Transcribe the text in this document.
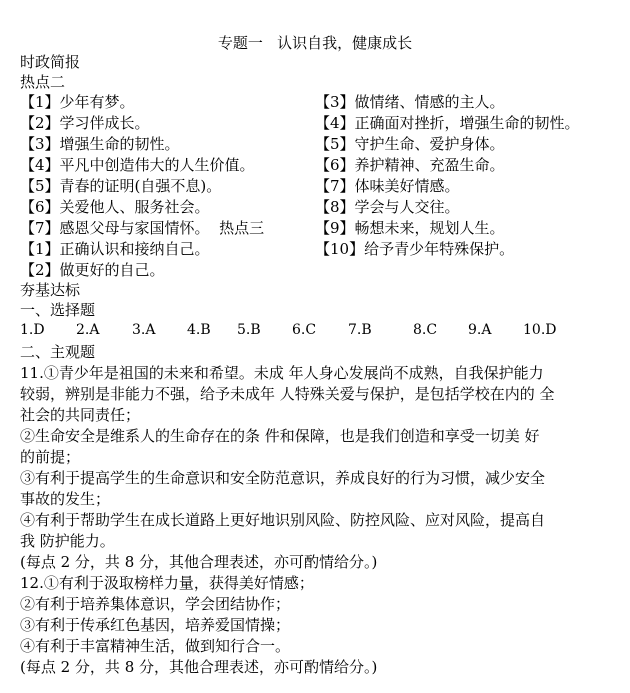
专题一   认识自我，健康成长
时政简报
热点二
【1】少年有梦。
【2】学习伴成长。
【3】增强生命的韧性。
【4】平凡中创造伟大的人生价值。
【5】青春的证明(自强不息)。
【6】关爱他人、服务社会。
【7】感恩父母与家国情怀。  热点三
【1】正确认识和接纳自己。
【2】做更好的自己。
【3】做情绪、情感的主人。
【4】正确面对挫折，增强生命的韧性。
【5】守护生命、爱护身体。
【6】养护精神、充盈生命。
【7】体味美好情感。
【8】学会与人交往。
【9】畅想未来，规划人生。
【10】给予青少年特殊保护。
夯基达标
一、选择题
1.D 2.A 3.A 4.B 5.B 6.C 7.B	8.C 9.A 10.D
二、主观题
11.①青少年是祖国的未来和希望。未成 年人身心发展尚不成熟，自我保护能力
较弱，辨别是非能力不强，给予未成年 人特殊关爱与保护，是包括学校在内的 全
社会的共同责任；
②生命安全是维系人的生命存在的条 件和保障，也是我们创造和享受一切美 好
的前提；
③有利于提高学生的生命意识和安全防范意识，养成良好的行为习惯，减少安全
事故的发生；
④有利于帮助学生在成长道路上更好地识别风险、防控风险、应对风险，提高自
我 防护能力。
(每点 2 分，共 8 分，其他合理表述，亦可酌情给分。)
12.①有利于汲取榜样力量，获得美好情感；
②有利于培养集体意识，学会团结协作；
③有利于传承红色基因，培养爱国情操；
④有利于丰富精神生活，做到知行合一。
(每点 2 分，共 8 分，其他合理表述，亦可酌情给分。)
